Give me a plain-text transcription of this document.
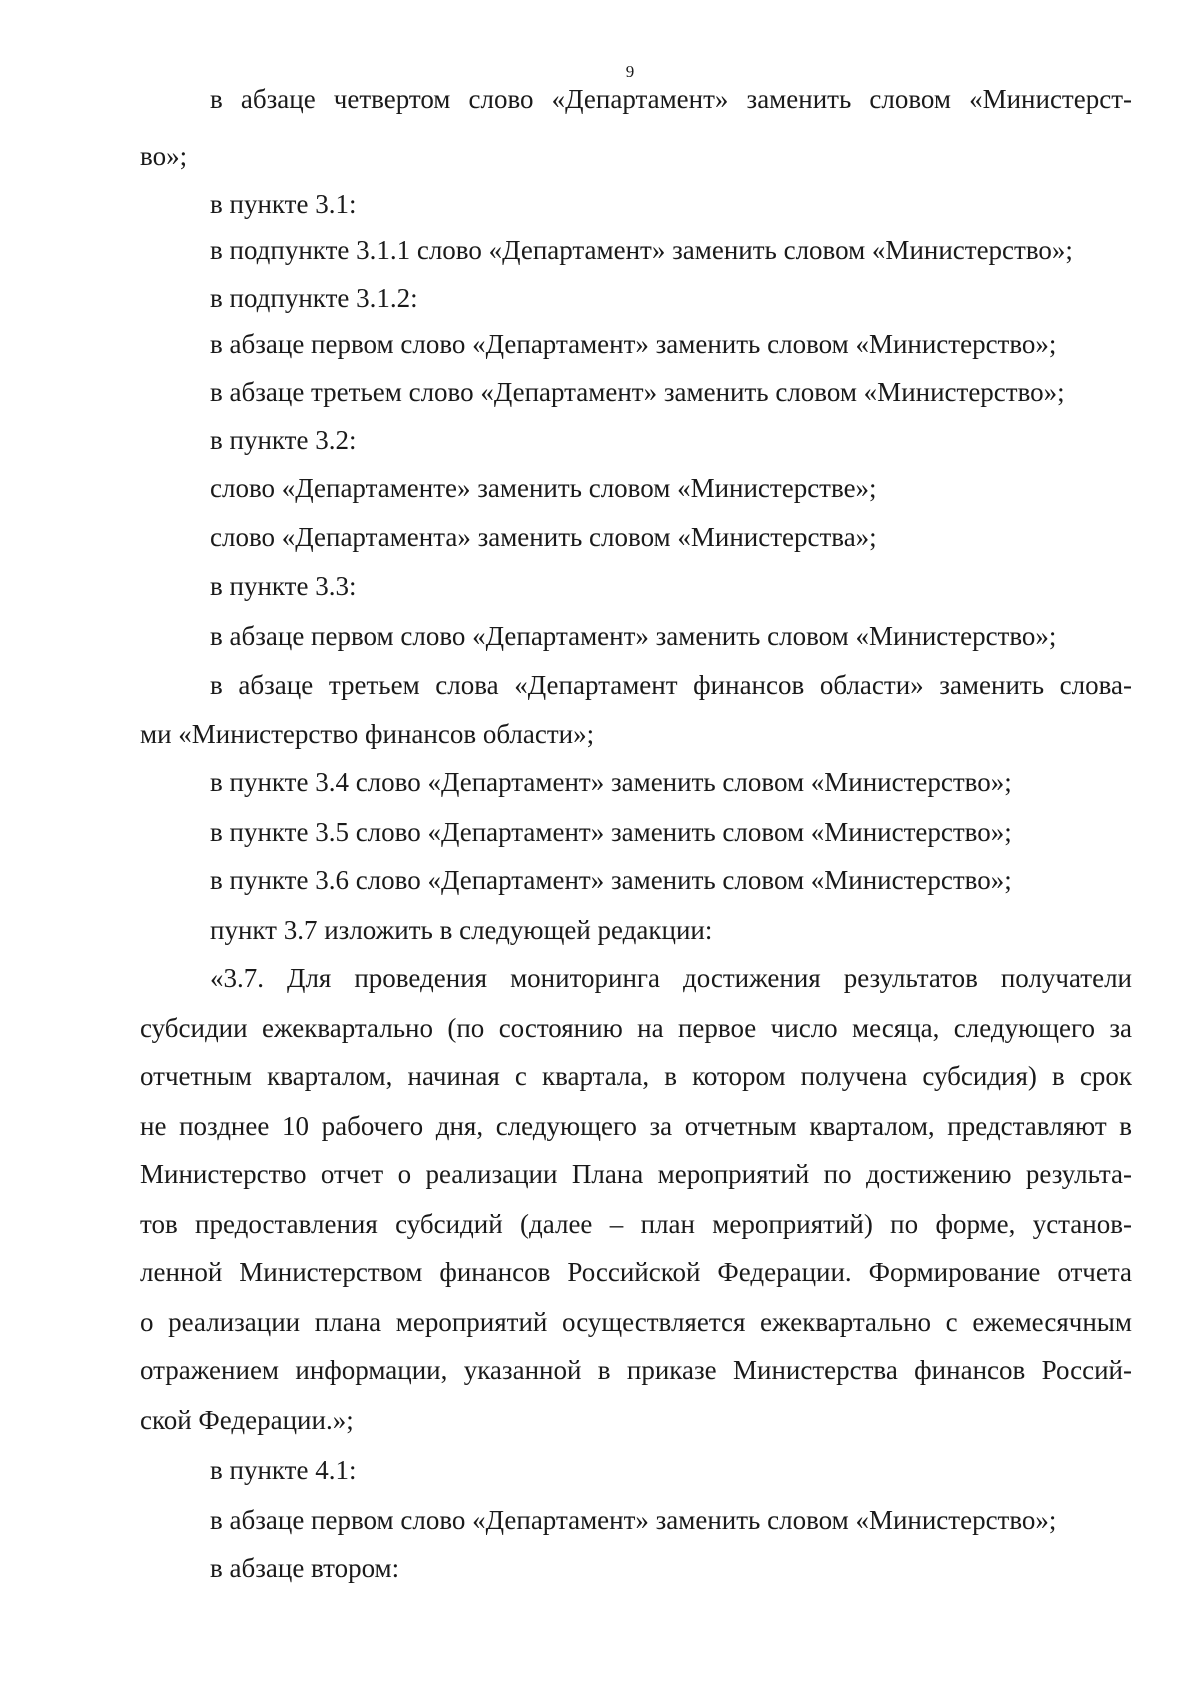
9
в абзаце четвертом слово «Департамент» заменить словом «Министерст-
во»;
в пункте 3.1:
в подпункте 3.1.1 слово «Департамент» заменить словом «Министерство»;
в подпункте 3.1.2:
в абзаце первом слово «Департамент» заменить словом «Министерство»;
в абзаце третьем слово «Департамент» заменить словом «Министерство»;
в пункте 3.2:
слово «Департаменте» заменить словом «Министерстве»;
слово «Департамента» заменить словом «Министерства»;
в пункте 3.3:
в абзаце первом слово «Департамент» заменить словом «Министерство»;
в абзаце третьем слова «Департамент финансов области» заменить слова-
ми «Министерство финансов области»;
в пункте 3.4 слово «Департамент» заменить словом «Министерство»;
в пункте 3.5 слово «Департамент» заменить словом «Министерство»;
в пункте 3.6 слово «Департамент» заменить словом «Министерство»;
пункт 3.7 изложить в следующей редакции:
«3.7. Для проведения мониторинга достижения результатов получатели
субсидии ежеквартально (по состоянию на первое число месяца, следующего за
отчетным кварталом, начиная с квартала, в котором получена субсидия) в срок
не позднее 10 рабочего дня, следующего за отчетным кварталом, представляют в
Министерство отчет о реализации Плана мероприятий по достижению результа-
тов предоставления субсидий (далее – план мероприятий) по форме, установ-
ленной Министерством финансов Российской Федерации. Формирование отчета
о реализации плана мероприятий осуществляется ежеквартально с ежемесячным
отражением информации, указанной в приказе Министерства финансов Россий-
ской Федерации.»;
в пункте 4.1:
в абзаце первом слово «Департамент» заменить словом «Министерство»;
в абзаце втором:
